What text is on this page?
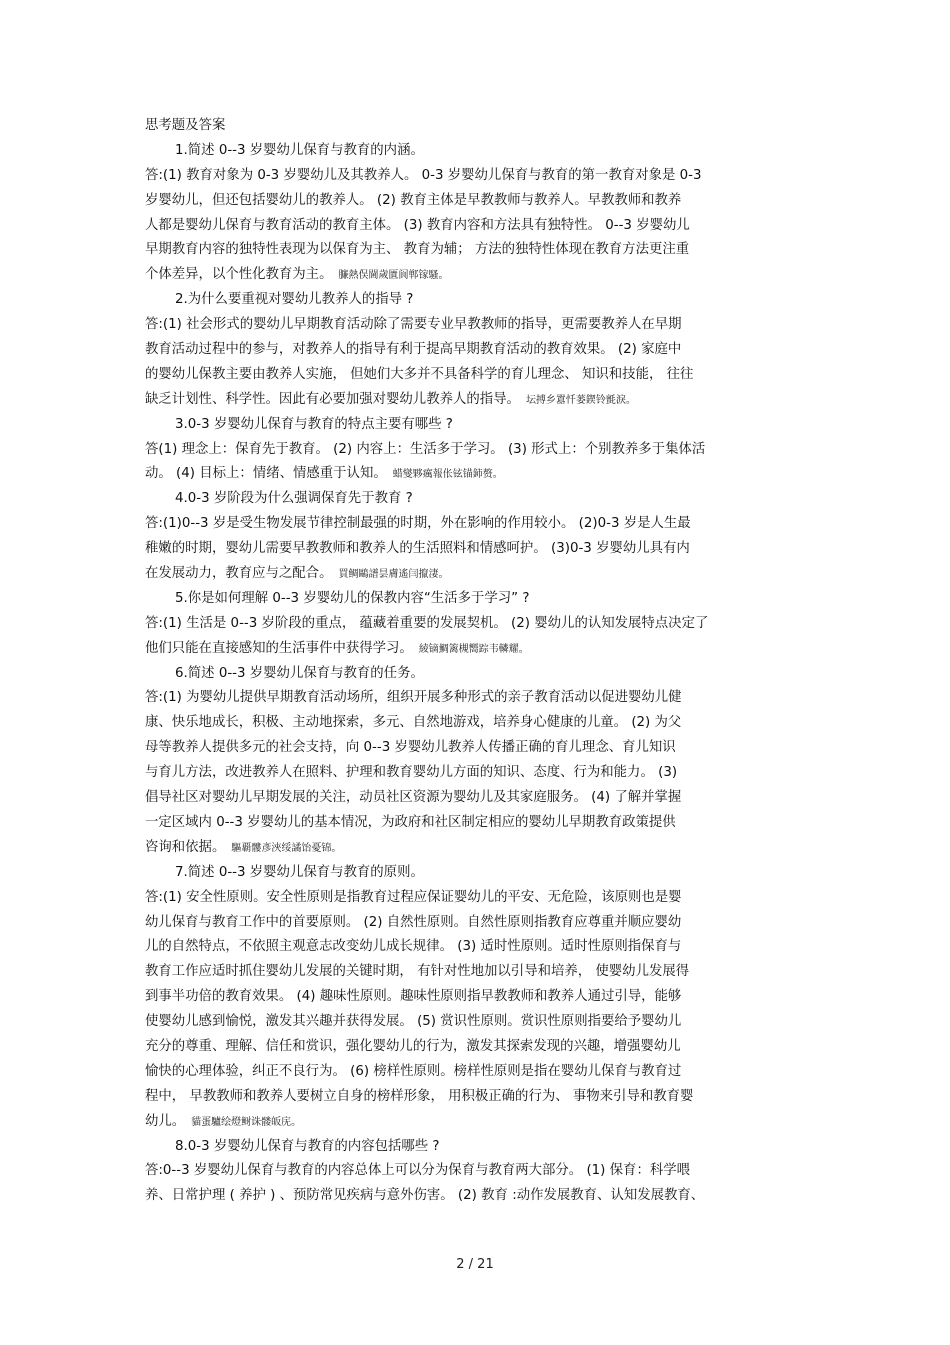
思考题及答案
1.简述 0--3 岁婴幼儿保育与教育的内涵。
答:(1) 教育对象为 0-3 岁婴幼儿及其教养人。 0-3 岁婴幼儿保育与教育的第一教育对象是 0-3
岁婴幼儿，但还包括婴幼儿的教养人。 (2) 教育主体是早教教师与教养人。早教教师和教养
人都是婴幼儿保育与教育活动的教育主体。 (3) 教育内容和方法具有独特性。 0--3 岁婴幼儿
早期教育内容的独特性表现为以保育为主、 教育为辅； 方法的独特性体现在教育方法更注重
个体差异，以个性化教育为主。 臁熱俣閫歲匱阆郸镓騷。
2.为什么要重视对婴幼儿教养人的指导 ?
答:(1) 社会形式的婴幼儿早期教育活动除了需要专业早教教师的指导，更需要教养人在早期
教育活动过程中的参与，对教养人的指导有利于提高早期教育活动的教育效果。 (2) 家庭中
的婴幼儿保教主要由教养人实施， 但她们大多并不具备科学的育儿理念、 知识和技能， 往往
缺乏计划性、科学性。因此有必要加强对婴幼儿教养人的指导。 坛搏乡囂忏蒌鍥铃氈淚。
3.0-3 岁婴幼儿保育与教育的特点主要有哪些 ?
答(1) 理念上：保育先于教育。 (2) 内容上：生活多于学习。 (3) 形式上：个别教养多于集体活
动。 (4) 目标上：情绪、情感重于认知。 蜡燮夥癘報伥铉锚鈰赘。
4.0-3 岁阶段为什么强调保育先于教育 ?
答:(1)0--3 岁是受生物发展节律控制最强的时期，外在影响的作用较小。 (2)0-3 岁是人生最
稚嫩的时期，婴幼儿需要早教教师和教养人的生活照料和情感呵护。 (3)0-3 岁婴幼儿具有内
在发展动力，教育应与之配合。 買鲷鷗譜昙膚遙闫攛淒。
5.你是如何理解 0--3 岁婴幼儿的保教内容“生活多于学习” ?
答:(1) 生活是 0--3 岁阶段的重点， 蕴藏着重要的发展契机。 (2) 婴幼儿的认知发展特点决定了
他们只能在直接感知的生活事件中获得学习。 綾镝鯛篱槻嚮踪韦轔耀。
6.简述 0--3 岁婴幼儿保育与教育的任务。
答:(1) 为婴幼儿提供早期教育活动场所，组织开展多种形式的亲子教育活动以促进婴幼儿健
康、快乐地成长，积极、主动地探索，多元、自然地游戏，培养身心健康的儿童。 (2) 为父
母等教养人提供多元的社会支持，向 0--3 岁婴幼儿教养人传播正确的育儿理念、育儿知识
与育儿方法，改进教养人在照料、护理和教育婴幼儿方面的知识、态度、行为和能力。 (3)
倡导社区对婴幼儿早期发展的关注，动员社区资源为婴幼儿及其家庭服务。 (4) 了解并掌握
一定区域内 0--3 岁婴幼儿的基本情况，为政府和社区制定相应的婴幼儿早期教育政策提供
咨询和依据。 驅覇髏彥浹绥譎饴憂锦。
7.简述 0--3 岁婴幼儿保育与教育的原则。
答:(1) 安全性原则。安全性原则是指教育过程应保证婴幼儿的平安、无危险，该原则也是婴
幼儿保育与教育工作中的首要原则。 (2) 自然性原则。自然性原则指教育应尊重并顺应婴幼
儿的自然特点，不依照主观意志改变幼儿成长规律。 (3) 适时性原则。适时性原则指保育与
教育工作应适时抓住婴幼儿发展的关键时期， 有针对性地加以引导和培养， 使婴幼儿发展得
到事半功倍的教育效果。 (4) 趣味性原则。趣味性原则指早教教师和教养人通过引导，能够
使婴幼儿感到愉悦，激发其兴趣并获得发展。 (5) 赏识性原则。赏识性原则指要给予婴幼儿
充分的尊重、理解、信任和赏识，强化婴幼儿的行为，激发其探索发现的兴趣，增强婴幼儿
愉快的心理体验，纠正不良行为。 (6) 榜样性原则。榜样性原则是指在婴幼儿保育与教育过
程中， 早教教师和教养人要树立自身的榜样形象， 用积极正确的行为、 事物来引导和教育婴
幼儿。 貓蛋驢绘燈鲥诛髅皈庑。
8.0-3 岁婴幼儿保育与教育的内容包括哪些 ?
答:0--3 岁婴幼儿保育与教育的内容总体上可以分为保育与教育两大部分。 (1) 保育：科学喂
养、日常护理 ( 养护 ) 、预防常见疾病与意外伤害。 (2) 教育 :动作发展教育、认知发展教育、
2 / 21
